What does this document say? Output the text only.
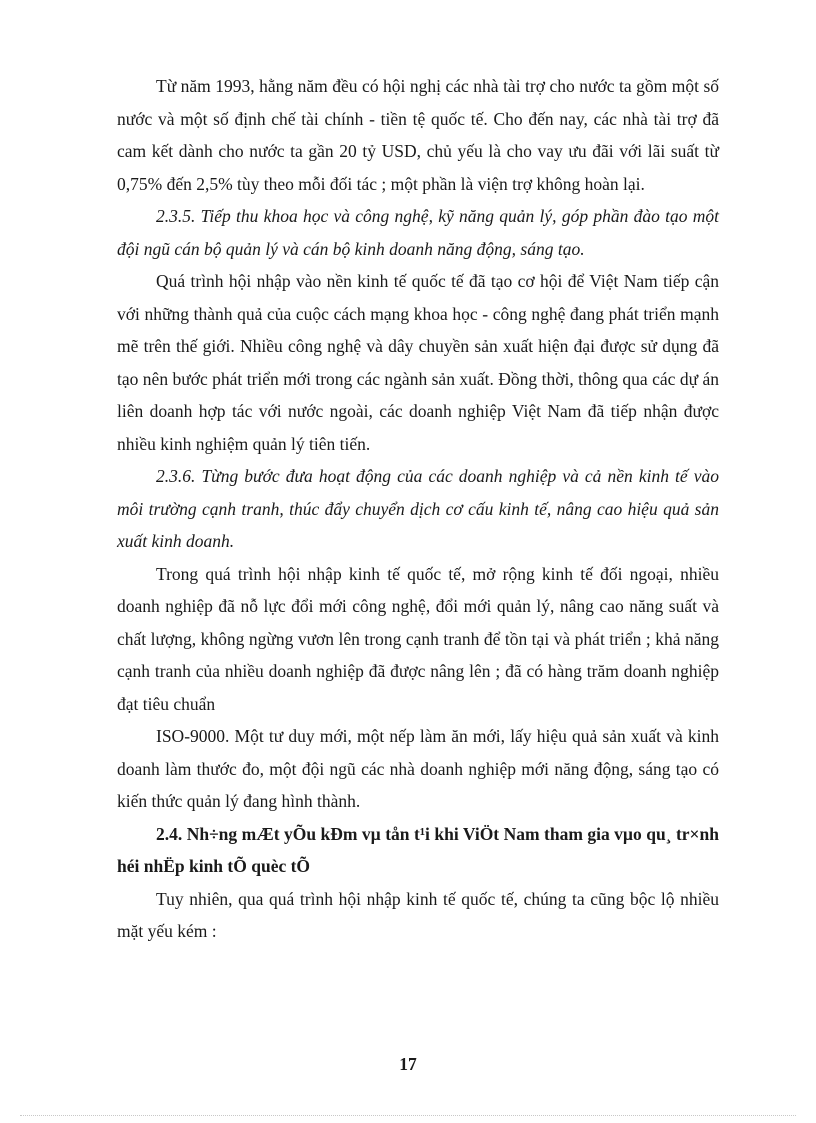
Từ năm 1993, hằng năm đều có hội nghị các nhà tài trợ cho nước ta gồm một số nước và một số định chế tài chính - tiền tệ quốc tế. Cho đến nay, các nhà tài trợ đã cam kết dành cho nước ta gần 20 tỷ USD, chủ yếu là cho vay ưu đãi với lãi suất từ 0,75% đến 2,5% tùy theo mỗi đối tác ; một phần là viện trợ không hoàn lại.

2.3.5. Tiếp thu khoa học và công nghệ, kỹ năng quản lý, góp phần đào tạo một đội ngũ cán bộ quản lý và cán bộ kinh doanh năng động, sáng tạo.

Quá trình hội nhập vào nền kinh tế quốc tế đã tạo cơ hội để Việt Nam tiếp cận với những thành quả của cuộc cách mạng khoa học - công nghệ đang phát triển mạnh mẽ trên thế giới. Nhiều công nghệ và dây chuyền sản xuất hiện đại được sử dụng đã tạo nên bước phát triển mới trong các ngành sản xuất. Đồng thời, thông qua các dự án liên doanh hợp tác với nước ngoài, các doanh nghiệp Việt Nam đã tiếp nhận được nhiều kinh nghiệm quản lý tiên tiến.

2.3.6. Từng bước đưa hoạt động của các doanh nghiệp và cả nền kinh tế vào môi trường cạnh tranh, thúc đẩy chuyển dịch cơ cấu kinh tế, nâng cao hiệu quả sản xuất kinh doanh.

Trong quá trình hội nhập kinh tế quốc tế, mở rộng kinh tế đối ngoại, nhiều doanh nghiệp đã nỗ lực đổi mới công nghệ, đổi mới quản lý, nâng cao năng suất và chất lượng, không ngừng vươn lên trong cạnh tranh để tồn tại và phát triển ; khả năng cạnh tranh của nhiều doanh nghiệp đã được nâng lên ; đã có hàng trăm doanh nghiệp đạt tiêu chuẩn

ISO-9000. Một tư duy mới, một nếp làm ăn mới, lấy hiệu quả sản xuất và kinh doanh làm thước đo, một đội ngũ các nhà doanh nghiệp mới năng động, sáng tạo có kiến thức quản lý đang hình thành.

2.4. Nh÷ng mÆt yÕu kÐm vµ tån t¹i khi ViÖt Nam tham gia vµo qu¸ tr×nh héi nhËp kinh tÕ quèc tÕ

Tuy nhiên, qua quá trình hội nhập kinh tế quốc tế, chúng ta cũng bộc lộ nhiều mặt yếu kém :

17
